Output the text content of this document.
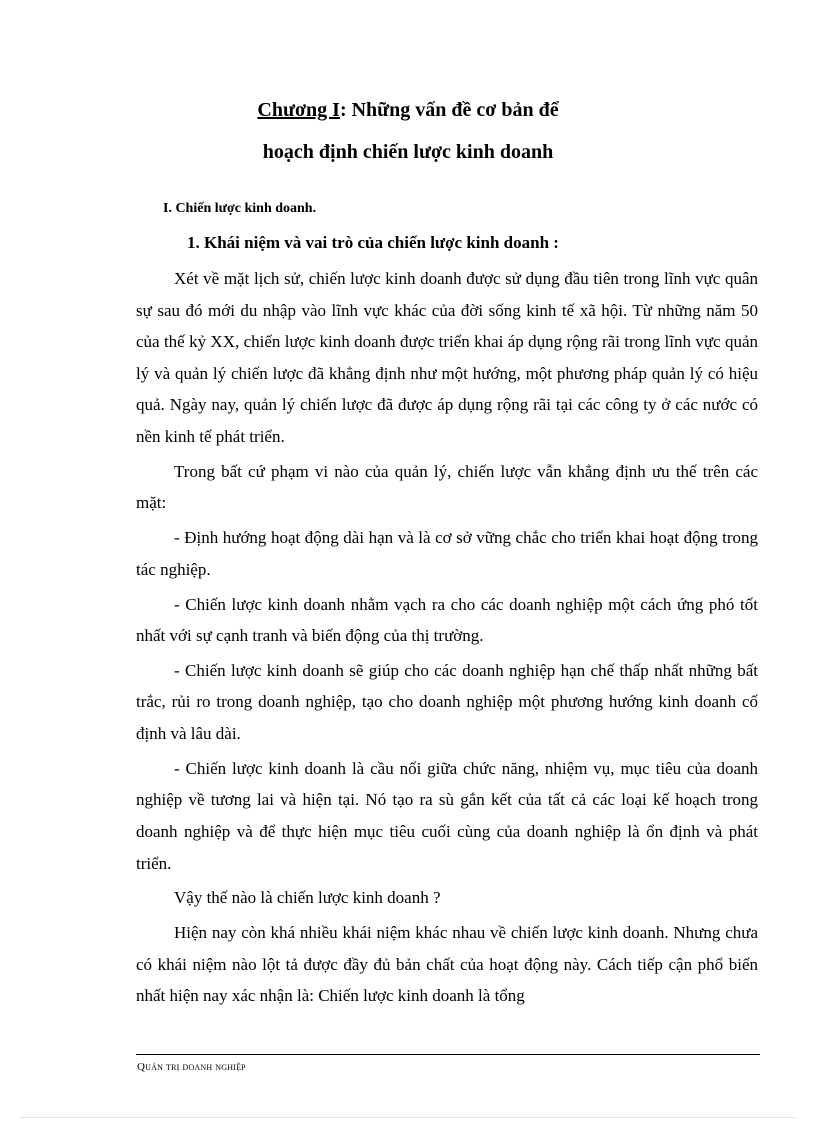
Chương I: Những vấn đề cơ bản để
hoạch định chiến lược kinh doanh
I. Chiến lược kinh doanh.
1. Khái niệm và vai trò của chiến lược kinh doanh :

Xét về mặt lịch sử, chiến lược kinh doanh được sử dụng đầu tiên trong lĩnh vực quân sự sau đó mới du nhập vào lĩnh vực khác của đời sống kinh tế xã hội. Từ những năm 50 của thế kỷ XX, chiến lược kinh doanh được triển khai áp dụng rộng rãi trong lĩnh vực quản lý và quản lý chiến lược đã khẳng định như một hướng, một phương pháp quản lý có hiệu quả. Ngày nay, quản lý chiến lược đã được áp dụng rộng rãi tại các công ty ở các nước có nền kinh tế phát triển.

Trong bất cứ phạm vi nào của quản lý, chiến lược vẫn khẳng định ưu thế trên các mặt:

- Định hướng hoạt động dài hạn và là cơ sở vững chắc cho triển khai hoạt động trong tác nghiệp.

- Chiến lược kinh doanh nhằm vạch ra cho các doanh nghiệp một cách ứng phó tốt nhất với sự cạnh tranh và biến động của thị trường.

- Chiến lược kinh doanh sẽ giúp cho các doanh nghiệp hạn chế thấp nhất những bất trắc, rủi ro trong doanh nghiệp, tạo cho doanh nghiệp một phương hướng kinh doanh cố định và lâu dài.

- Chiến lược kinh doanh là cầu nối giữa chức năng, nhiệm vụ, mục tiêu của doanh nghiệp về tương lai và hiện tại. Nó tạo ra sù gắn kết của tất cả các loại kế hoạch trong doanh nghiệp và để thực hiện mục tiêu cuối cùng của doanh nghiệp là ổn định và phát triển.

Vậy thế nào là chiến lược kinh doanh ?

Hiện nay còn khá nhiều khái niệm khác nhau về chiến lược kinh doanh. Nhưng chưa có khái niệm nào lột tả được đầy đủ bản chất của hoạt động này. Cách tiếp cận phổ biến nhất hiện nay xác nhận là: Chiến lược kinh doanh là tổng

Quản trị doanh nghiệp
